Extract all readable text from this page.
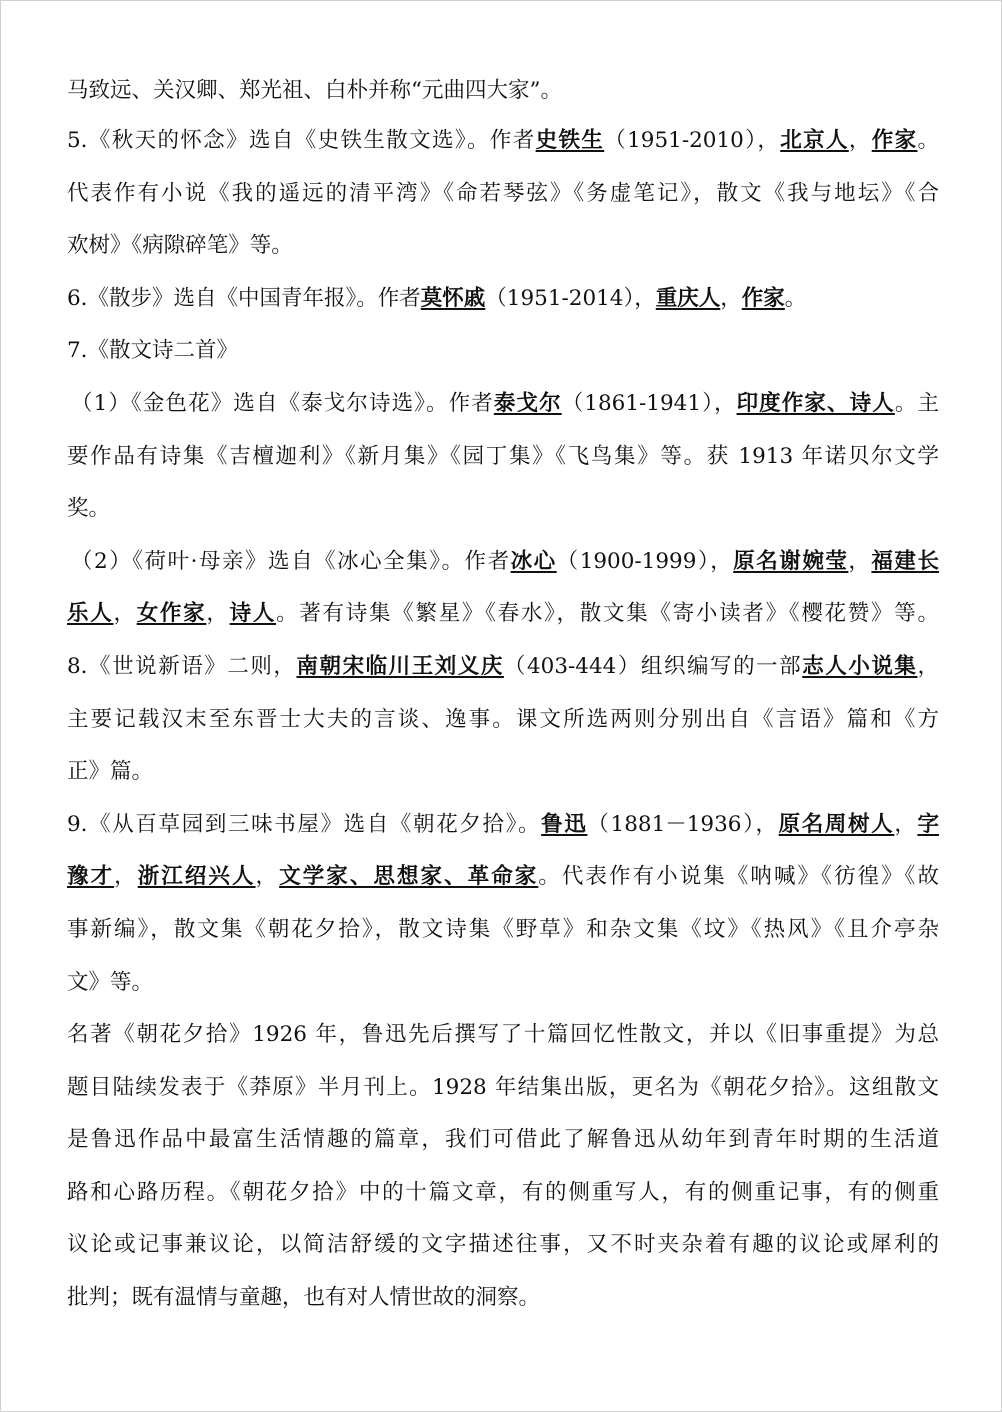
马致远、关汉卿、郑光祖、白朴并称“元曲四大家”。
5.《秋天的怀念》选自《史铁生散文选》。作者史铁生（1951-2010），北京人，作家。
代表作有小说《我的遥远的清平湾》《命若琴弦》《务虚笔记》，散文《我与地坛》《合
欢树》《病隙碎笔》等。
6.《散步》选自《中国青年报》。作者莫怀戚（1951-2014），重庆人，作家。
7.《散文诗二首》
（1）《金色花》选自《泰戈尔诗选》。作者泰戈尔（1861-1941），印度作家、诗人。主
要作品有诗集《吉檀迦利》《新月集》《园丁集》《飞鸟集》等。获 1913 年诺贝尔文学
奖。
（2）《荷叶·母亲》选自《冰心全集》。作者冰心（1900-1999），原名谢婉莹，福建长
乐人，女作家，诗人。著有诗集《繁星》《春水》，散文集《寄小读者》《樱花赞》等。
8.《世说新语》二则，南朝宋临川王刘义庆（403-444）组织编写的一部志人小说集，
主要记载汉末至东晋士大夫的言谈、逸事。课文所选两则分别出自《言语》篇和《方
正》篇。
9.《从百草园到三味书屋》选自《朝花夕拾》。鲁迅（1881－1936），原名周树人，字
豫才，浙江绍兴人，文学家、思想家、革命家。代表作有小说集《呐喊》《彷徨》《故
事新编》，散文集《朝花夕拾》，散文诗集《野草》和杂文集《坟》《热风》《且介亭杂
文》等。
名著《朝花夕拾》1926 年，鲁迅先后撰写了十篇回忆性散文，并以《旧事重提》为总
题目陆续发表于《莽原》半月刊上。1928 年结集出版，更名为《朝花夕拾》。这组散文
是鲁迅作品中最富生活情趣的篇章，我们可借此了解鲁迅从幼年到青年时期的生活道
路和心路历程。《朝花夕拾》中的十篇文章，有的侧重写人，有的侧重记事，有的侧重
议论或记事兼议论，以简洁舒缓的文字描述往事，又不时夹杂着有趣的议论或犀利的
批判；既有温情与童趣，也有对人情世故的洞察。
